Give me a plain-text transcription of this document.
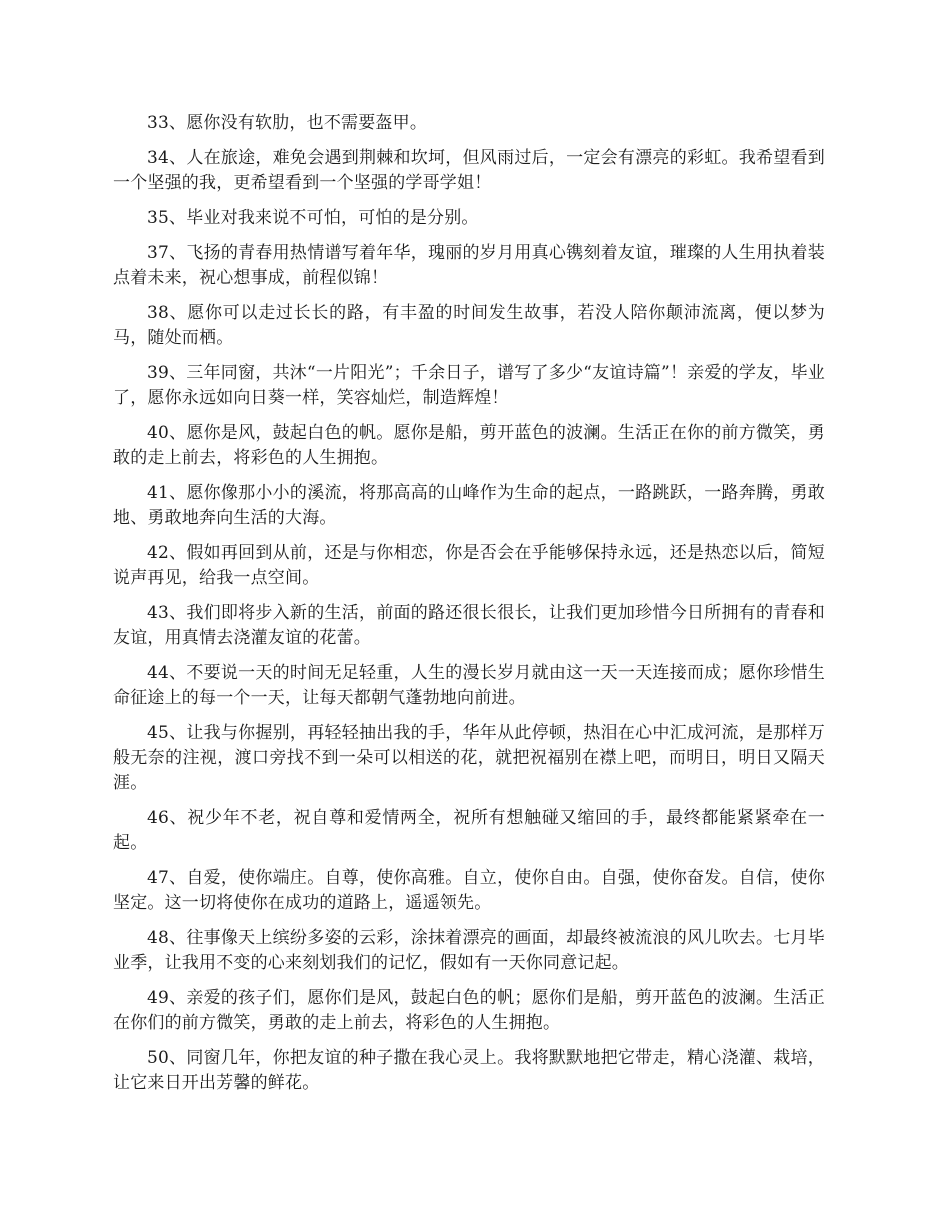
33、愿你没有软肋，也不需要盔甲。

34、人在旅途，难免会遇到荆棘和坎坷，但风雨过后，一定会有漂亮的彩虹。我希望看到一个坚强的我，更希望看到一个坚强的学哥学姐！

35、毕业对我来说不可怕，可怕的是分别。

37、飞扬的青春用热情谱写着年华，瑰丽的岁月用真心镌刻着友谊，璀璨的人生用执着装点着未来，祝心想事成，前程似锦！

38、愿你可以走过长长的路，有丰盈的时间发生故事，若没人陪你颠沛流离，便以梦为马，随处而栖。

39、三年同窗，共沐“一片阳光”；千余日子，谱写了多少“友谊诗篇”！亲爱的学友，毕业了，愿你永远如向日葵一样，笑容灿烂，制造辉煌！

40、愿你是风，鼓起白色的帆。愿你是船，剪开蓝色的波澜。生活正在你的前方微笑，勇敢的走上前去，将彩色的人生拥抱。

41、愿你像那小小的溪流，将那高高的山峰作为生命的起点，一路跳跃，一路奔腾，勇敢地、勇敢地奔向生活的大海。

42、假如再回到从前，还是与你相恋，你是否会在乎能够保持永远，还是热恋以后，简短说声再见，给我一点空间。

43、我们即将步入新的生活，前面的路还很长很长，让我们更加珍惜今日所拥有的青春和友谊，用真情去浇灌友谊的花蕾。

44、不要说一天的时间无足轻重，人生的漫长岁月就由这一天一天连接而成；愿你珍惜生命征途上的每一个一天，让每天都朝气蓬勃地向前进。

45、让我与你握别，再轻轻抽出我的手，华年从此停顿，热泪在心中汇成河流，是那样万般无奈的注视，渡口旁找不到一朵可以相送的花，就把祝福别在襟上吧，而明日，明日又隔天涯。

46、祝少年不老，祝自尊和爱情两全，祝所有想触碰又缩回的手，最终都能紧紧牵在一起。

47、自爱，使你端庄。自尊，使你高雅。自立，使你自由。自强，使你奋发。自信，使你坚定。这一切将使你在成功的道路上，遥遥领先。

48、往事像天上缤纷多姿的云彩，涂抹着漂亮的画面，却最终被流浪的风儿吹去。七月毕业季，让我用不变的心来刻划我们的记忆，假如有一天你同意记起。

49、亲爱的孩子们，愿你们是风，鼓起白色的帆；愿你们是船，剪开蓝色的波澜。生活正在你们的前方微笑，勇敢的走上前去，将彩色的人生拥抱。

50、同窗几年，你把友谊的种子撒在我心灵上。我将默默地把它带走，精心浇灌、栽培，让它来日开出芳馨的鲜花。
